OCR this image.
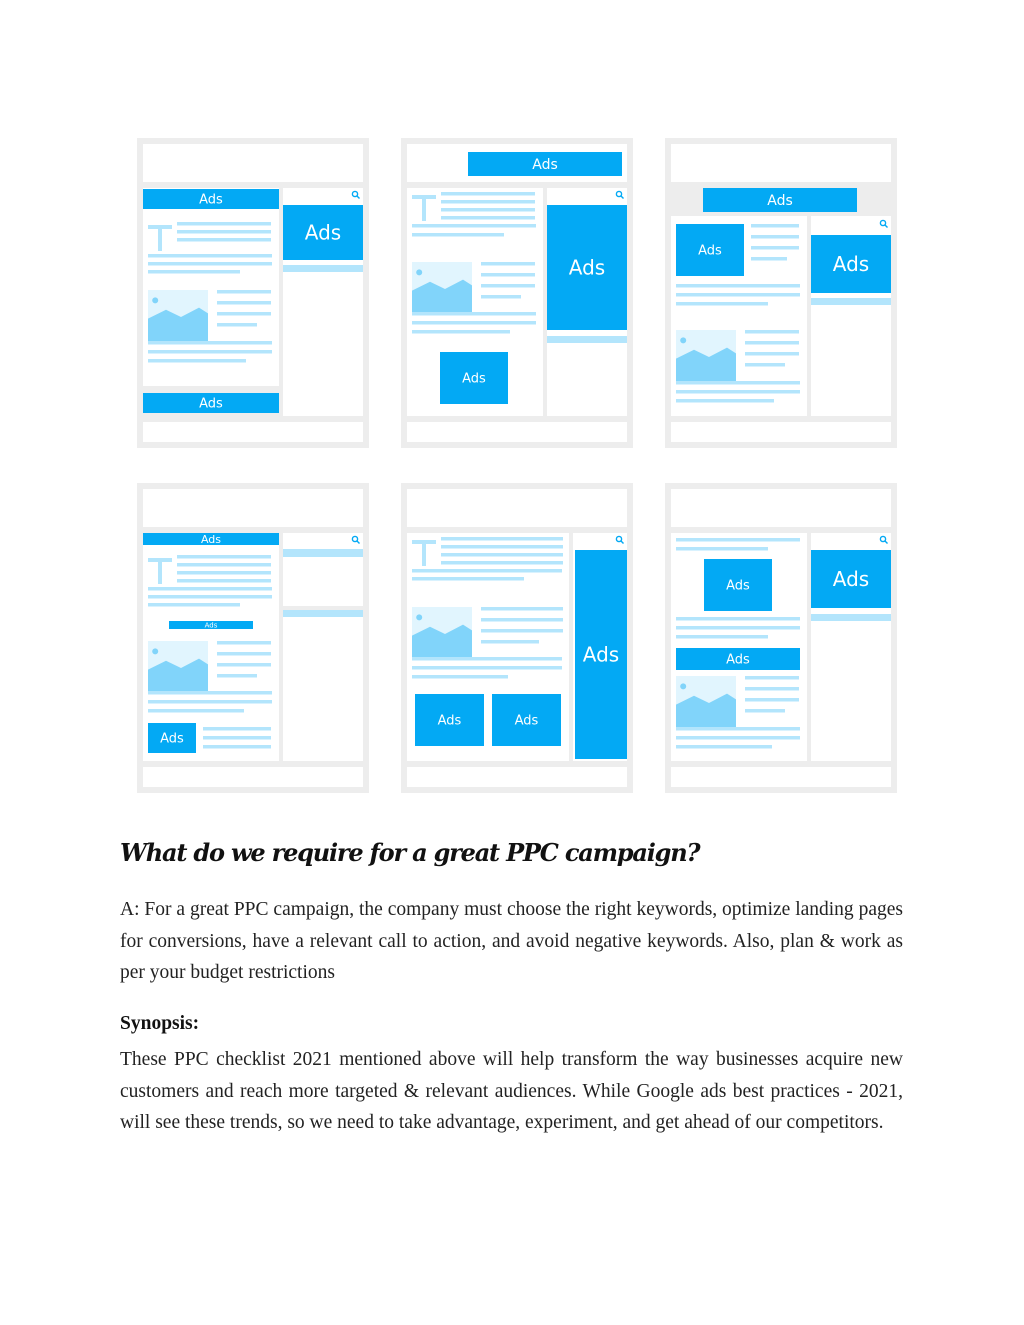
Ads
Ads
Ads
Ads
Ads
Ads
Ads
Ads
Ads
Ads
Ads
Ads
Ads
Ads	Ads
Ads
Ads
Ads
What do we require for a great PPC campaign?

A: For a great PPC campaign, the company must choose the right keywords, optimize landing pages for conversions, have a relevant call to action, and avoid negative keywords. Also, plan & work as per your budget restrictions

Synopsis:

These PPC checklist 2021 mentioned above will help transform the way businesses acquire new customers and reach more targeted & relevant audiences. While Google ads best practices - 2021, will see these trends, so we need to take advantage, experiment, and get ahead of our competitors.
